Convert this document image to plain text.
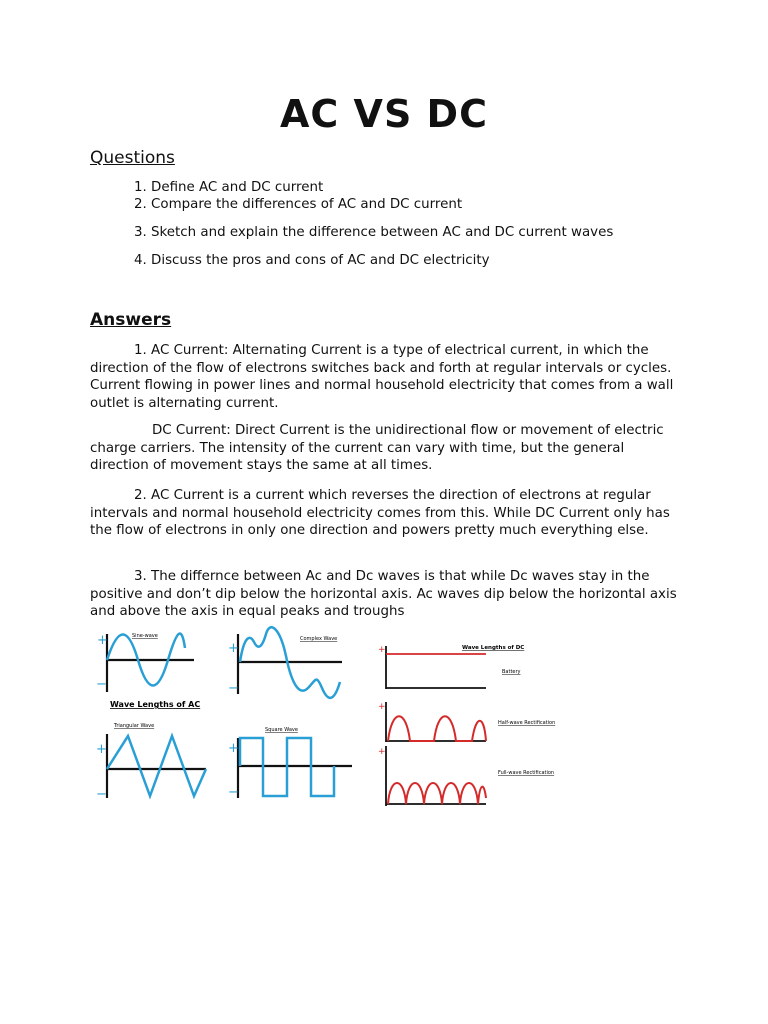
AC VS DC
Questions

1. Define AC and DC current

2. Compare the differences of AC and DC current

3. Sketch and explain the difference between AC and DC current waves

4. Discuss the pros and cons of AC and DC electricity

Answers

1. AC Current: Alternating Current is a type of electrical current, in which the direction of the flow of electrons switches back and forth at regular intervals or cycles. Current flowing in power lines and normal household electricity that comes from a wall outlet is alternating current.

DC Current: Direct Current is the unidirectional flow or movement of electric charge carriers. The intensity of the current can vary with time, but the general direction of movement stays the same at all times.

2. AC Current is a current which reverses the direction of electrons at regular intervals and normal household electricity comes from this. While DC Current only has the flow of electrons in only one direction and powers pretty much everything else.

3. The differnce between Ac and Dc waves is that while Dc waves stay in the positive and don’t dip below the horizontal axis. Ac waves dip below the horizontal axis and above the axis in equal peaks and troughs

+
−
Sine-wave
+
−
Complex Wave
Wave Lengths of AC
Triangular Wave
+
−
Square Wave
+
−
Wave Lengths of DC
+
Battery
+
Half-wave Rectification
+
Full-wave Rectification
